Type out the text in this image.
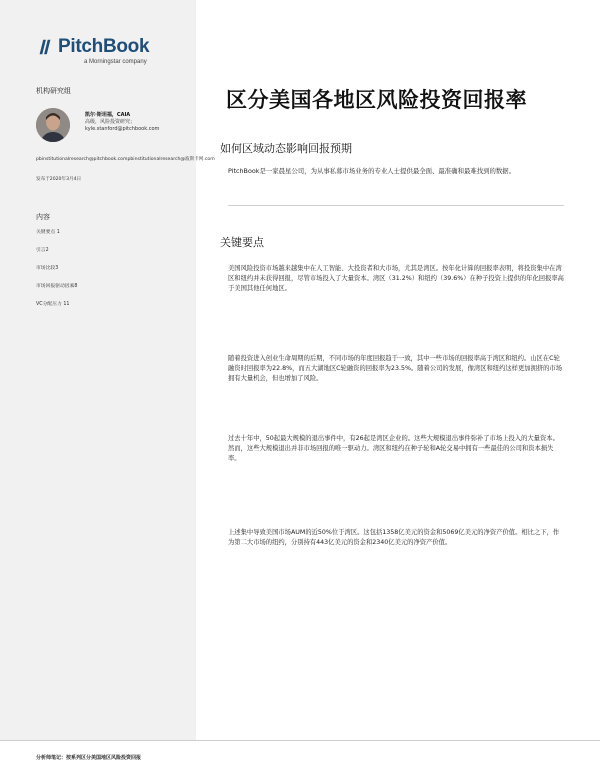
PitchBook
a Morningstar company
机构研究组
凯尔·斯坦福，CAIA
高级，风险投资研究；kyle.stanford@pitchbook.com
pbinstitutionalresearch@pitchbook.compbinstitutionalresearch@波斯卡网.com
发布于2020年3月4日
内容
关键要点 1
引言2
市场比较3
市场回报驱动因素8
VC分配压力 11
区分美国各地区风险投资回报率
如何区域动态影响回报预期
PitchBook是一家晨星公司，为从事私募市场业务的专业人士提供最全面、最准确和最难找到的数据。
关键要点
美国风险投资市场越来越集中在人工智能、大投资者和大市场，尤其是湾区。按年化计算的回报率表明，将投资集中在湾区和纽约并未获得回报，尽管市场投入了大量资本。湾区（31.2%）和纽约（39.6%）在种子投资上提供的年化回报率高于美国其他任何地区。
随着投资进入创业生命周期的后期，不同市场的年度回报趋于一致，其中一些市场的回报率高于湾区和纽约。山区在C轮融资时回报率为22.8%，而五大湖地区C轮融资的回报率为23.5%。随着公司的发展，像湾区和纽约这样更加拥挤的市场拥有大量机会，但也增加了风险。
过去十年中，50起最大规模的退出事件中，有26起是湾区企业的。这些大规模退出事件弥补了市场上投入的大量资本。然而，这些大规模退出并非市场回报的唯一驱动力。湾区和纽约在种子轮和A轮交易中拥有一些最佳的公司和资本损失率。
上述集中导致美国市场AUM的近50%位于湾区。这包括1358亿美元的资金和5069亿美元的净资产价值。相比之下，作为第二大市场的纽约，分别持有443亿美元的资金和2340亿美元的净资产价值。
分析师笔记：按系列区分美国地区风险投资回报
